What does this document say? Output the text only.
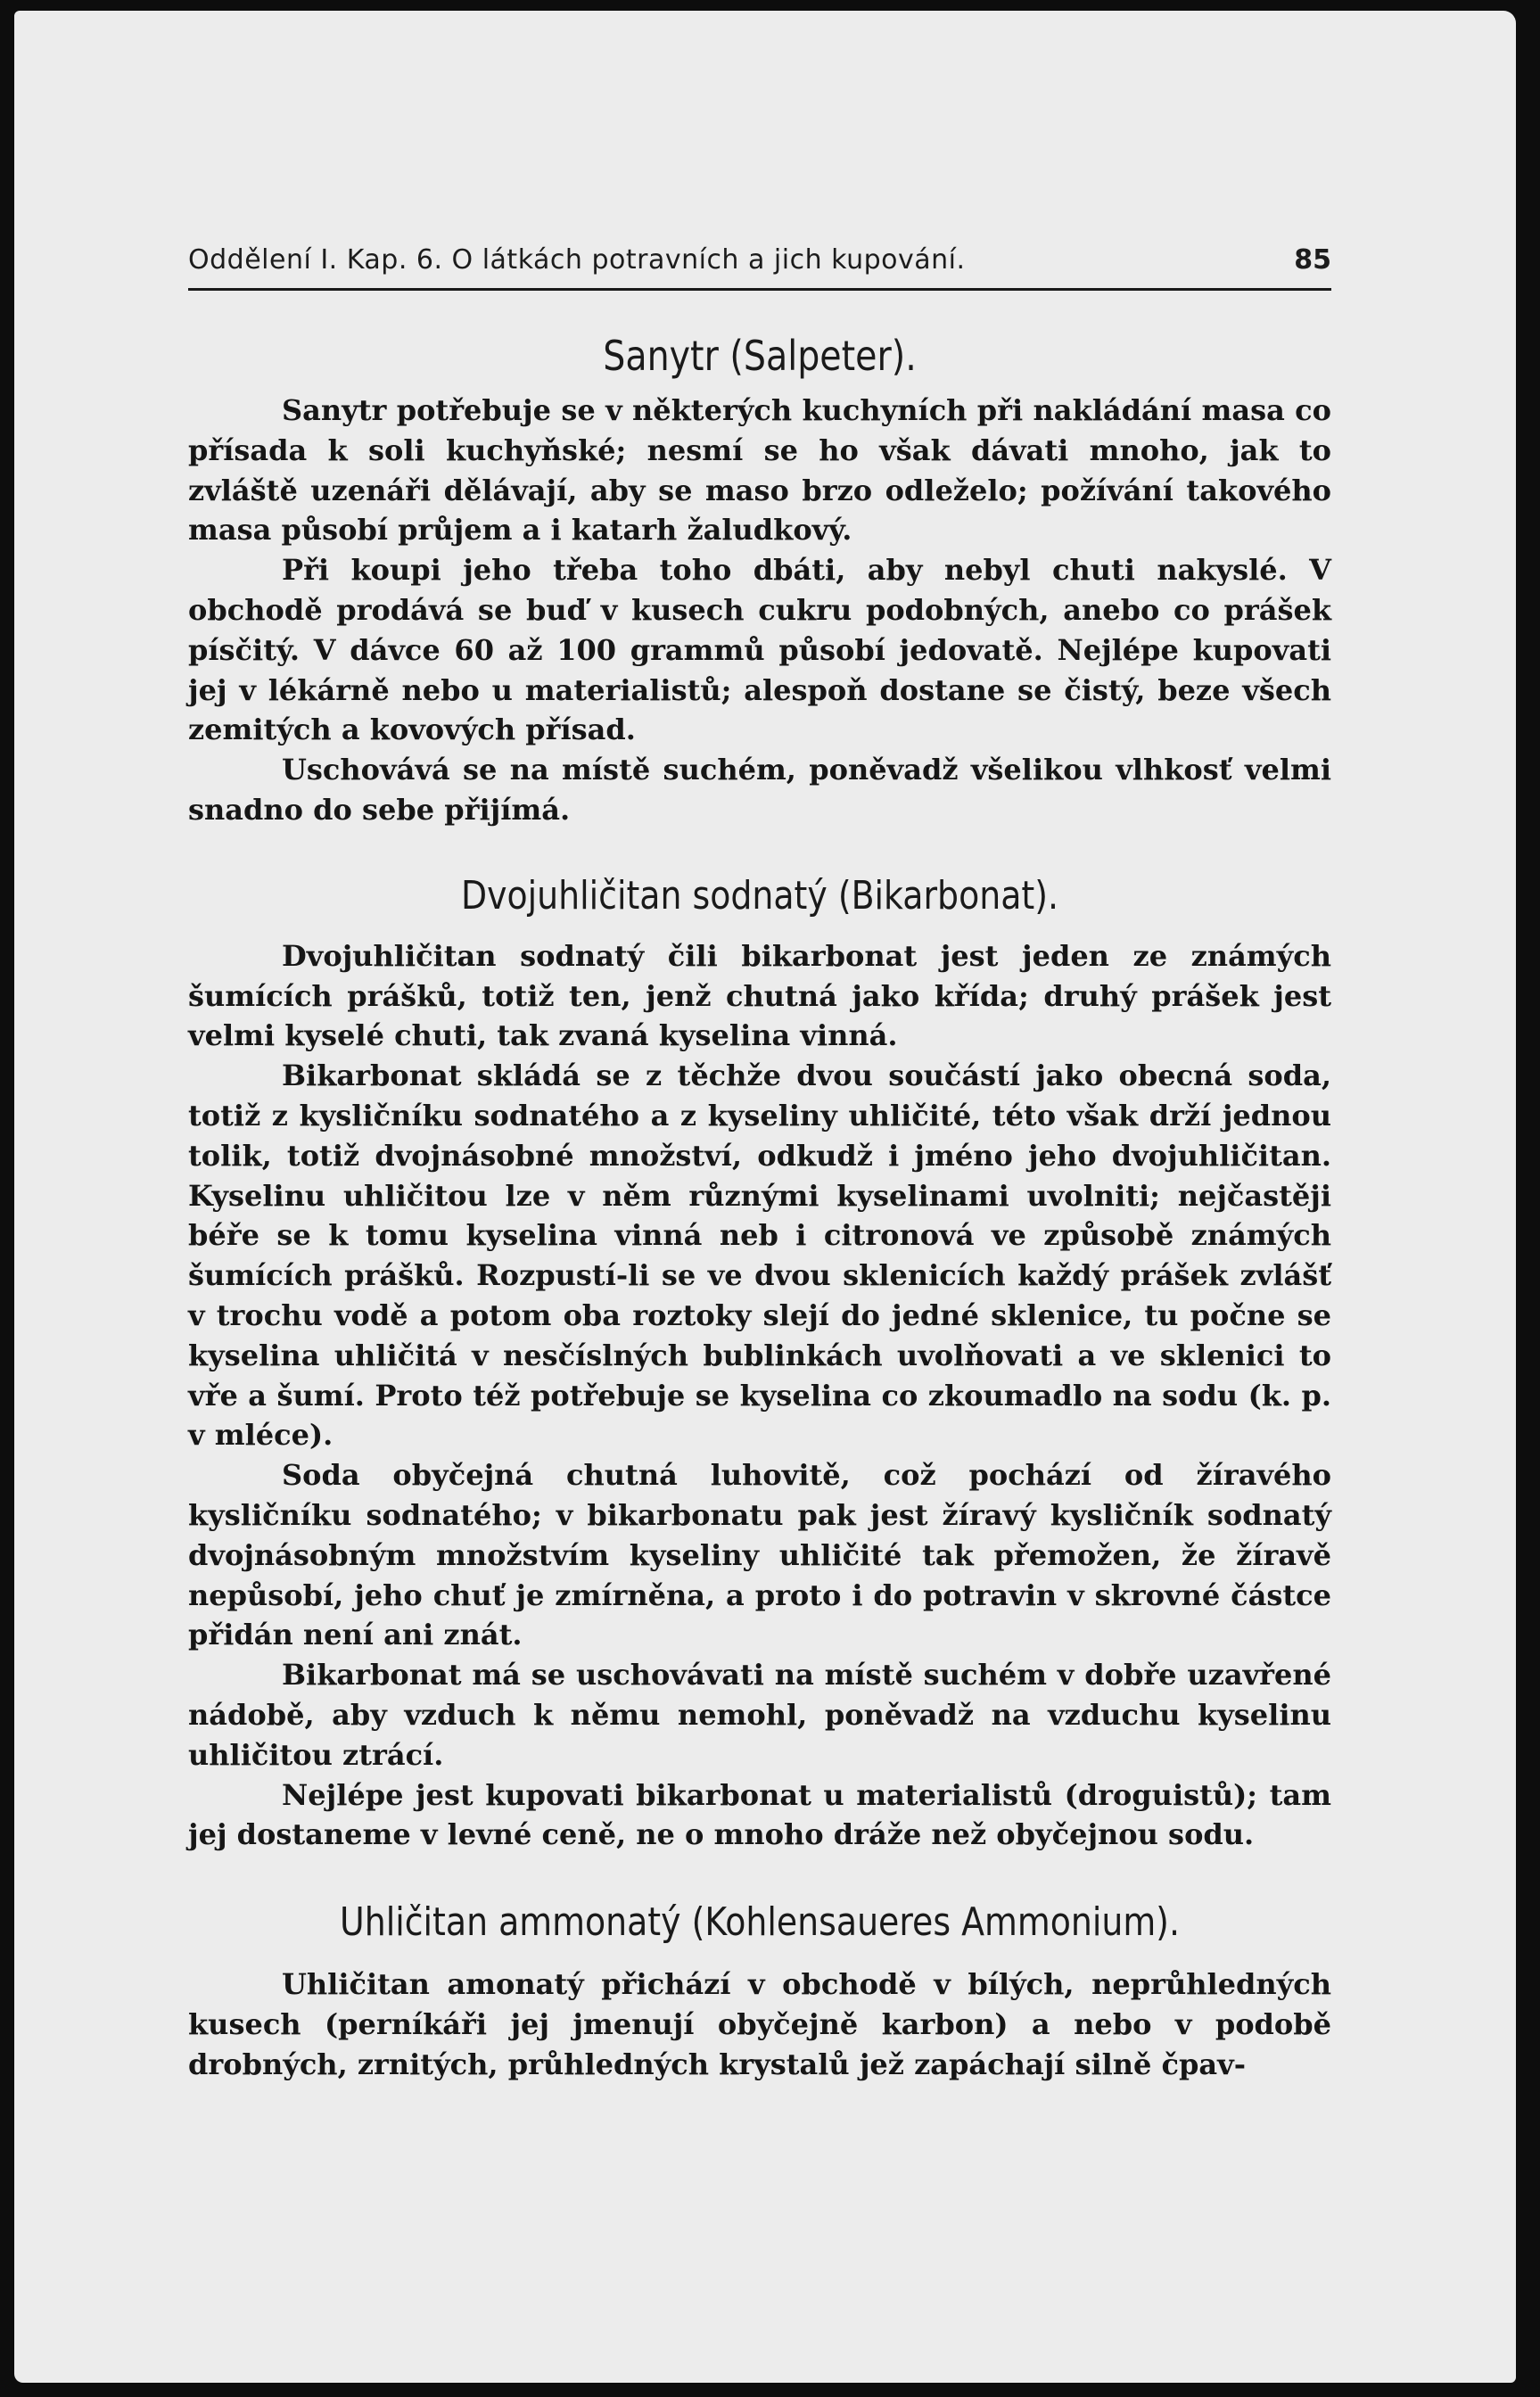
Oddělení I. Kap. 6. O látkách potravních a jich kupování.	85
Sanytr (Salpeter).

Sanytr potřebuje se v některých kuchyních při nakládání masa co přísada k soli kuchyňské; nesmí se ho však dávati mnoho, jak to zvláště uzenáři dělávají, aby se maso brzo odleželo; požívání takového masa působí průjem a i katarh žaludkový.

Při koupi jeho třeba toho dbáti, aby nebyl chuti nakyslé. V obchodě prodává se buď v kusech cukru podobných, anebo co prášek písčitý. V dávce 60 až 100 grammů působí jedovatě. Nejlépe kupovati jej v lékárně nebo u materialistů; alespoň dostane se čistý, beze všech zemitých a kovových přísad.

Uschovává se na místě suchém, poněvadž všelikou vlhkosť velmi snadno do sebe přijímá.

Dvojuhličitan sodnatý (Bikarbonat).

Dvojuhličitan sodnatý čili bikarbonat jest jeden ze známých šumících prášků, totiž ten, jenž chutná jako křída; druhý prášek jest velmi kyselé chuti, tak zvaná kyselina vinná.

Bikarbonat skládá se z těchže dvou součástí jako obecná soda, totiž z kysličníku sodnatého a z kyseliny uhličité, této však drží jednou tolik, totiž dvojnásobné množství, odkudž i jméno jeho dvojuhličitan. Kyselinu uhličitou lze v něm různými kyselinami uvolniti; nejčastěji béře se k tomu kyselina vinná neb i citronová ve způsobě známých šumících prášků. Rozpustí-li se ve dvou sklenicích každý prášek zvlášť v trochu vodě a potom oba roztoky slejí do jedné sklenice, tu počne se kyselina uhličitá v nesčíslných bublinkách uvolňovati a ve sklenici to vře a šumí. Proto též potřebuje se kyselina co zkoumadlo na sodu (k. p. v mléce).

Soda obyčejná chutná luhovitě, což pochází od žíravého kysličníku sodnatého; v bikarbonatu pak jest žíravý kysličník sodnatý dvojnásobným množstvím kyseliny uhličité tak přemožen, že žíravě nepůsobí, jeho chuť je zmírněna, a proto i do potravin v skrovné částce přidán není ani znát.

Bikarbonat má se uschovávati na místě suchém v dobře uzavřené nádobě, aby vzduch k němu nemohl, poněvadž na vzduchu kyselinu uhličitou ztrácí.

Nejlépe jest kupovati bikarbonat u materialistů (droguistů); tam jej dostaneme v levné ceně, ne o mnoho dráže než obyčejnou sodu.

Uhličitan ammonatý (Kohlensaueres Ammonium).

Uhličitan amonatý přichází v obchodě v bílých, neprůhledných kusech (perníkáři jej jmenují obyčejně karbon) a nebo v podobě drobných, zrnitých, průhledných krystalů jež zapáchají silně čpav-
